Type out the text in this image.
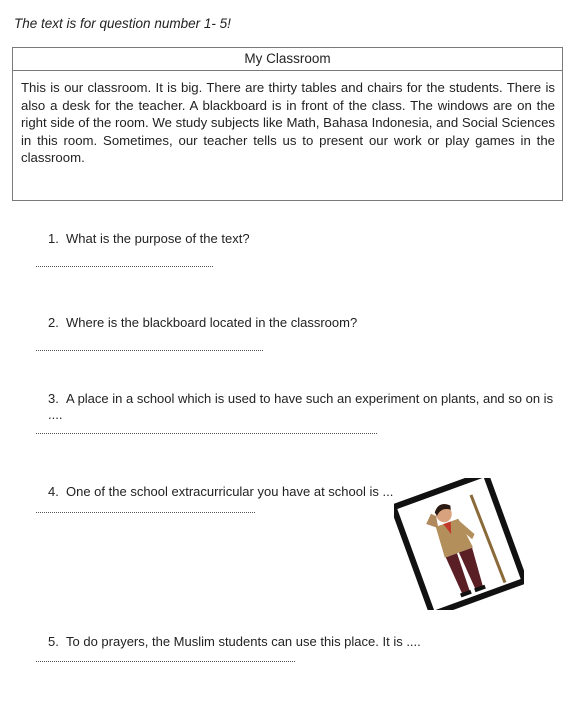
The text is for question number 1- 5!
My Classroom
This is our classroom. It is big. There are thirty tables and chairs for the students. There is also a desk for the teacher. A blackboard is in front of the class. The windows are on the right side of the room. We study subjects like Math, Bahasa Indonesia, and Social Sciences in this room. Sometimes, our teacher tells us to present our work or play games in the classroom.
1. What is the purpose of the text?
2. Where is the blackboard located in the classroom?
3. A place in a school which is used to have such an experiment on plants, and so on is ....
4. One of the school extracurricular you have at school is ...
5. To do prayers, the Muslim students can use this place. It is ....
